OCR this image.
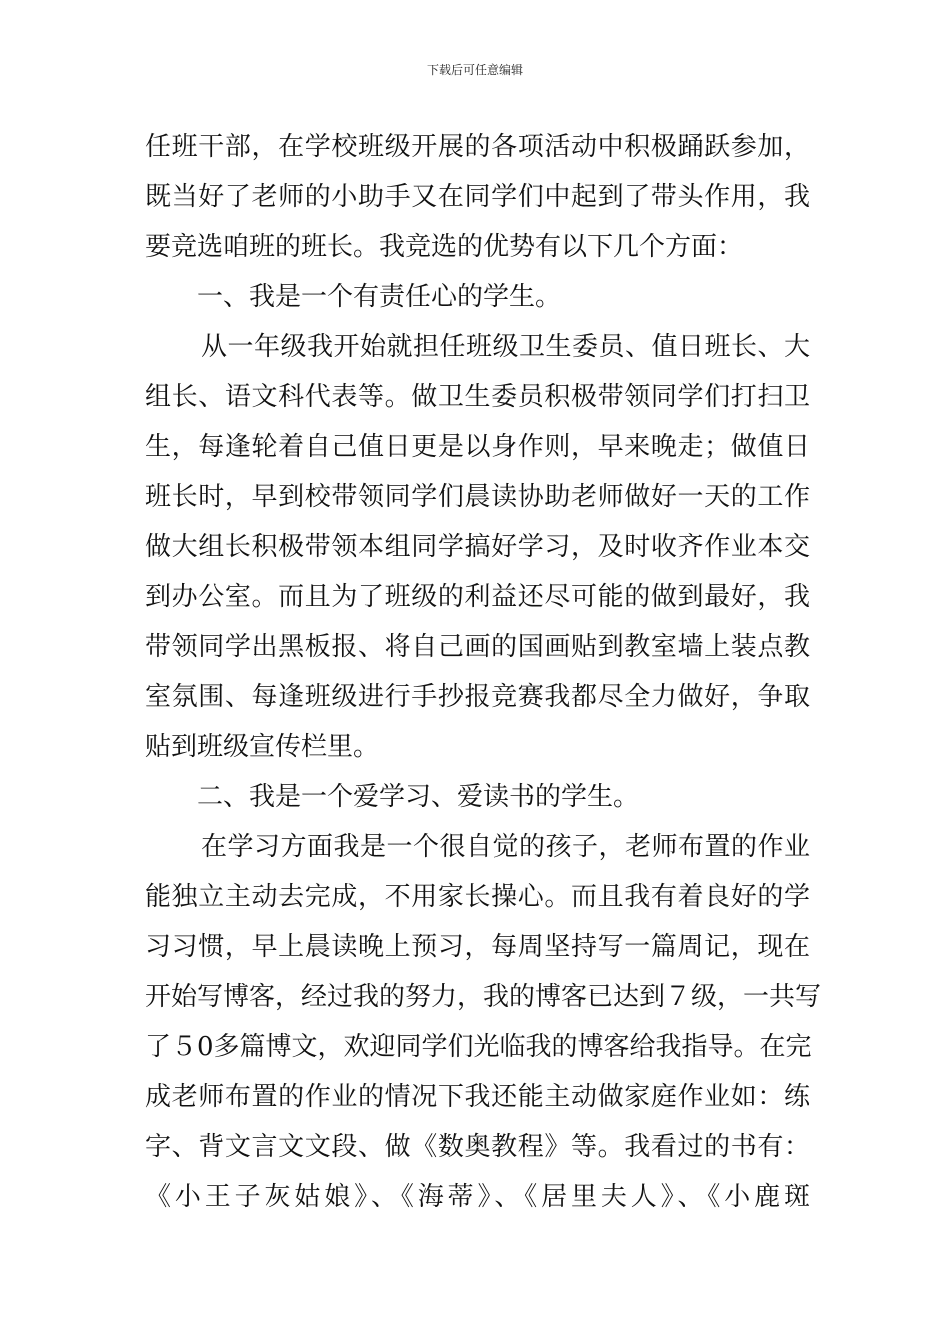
下载后可任意编辑
任班干部，在学校班级开展的各项活动中积极踊跃参加，
既当好了老师的小助手又在同学们中起到了带头作用，我
要竞选咱班的班长。我竞选的优势有以下几个方面：
一、我是一个有责任心的学生。
从一年级我开始就担任班级卫生委员、值日班长、大
组长、语文科代表等。做卫生委员积极带领同学们打扫卫
生，每逢轮着自己值日更是以身作则，早来晚走；做值日
班长时，早到校带领同学们晨读协助老师做好一天的工作
做大组长积极带领本组同学搞好学习，及时收齐作业本交
到办公室。而且为了班级的利益还尽可能的做到最好，我
带领同学出黑板报、将自己画的国画贴到教室墙上装点教
室氛围、每逢班级进行手抄报竞赛我都尽全力做好，争取
贴到班级宣传栏里。
二、我是一个爱学习、爱读书的学生。
在学习方面我是一个很自觉的孩子，老师布置的作业
能独立主动去完成，不用家长操心。而且我有着良好的学
习习惯，早上晨读晚上预习，每周坚持写一篇周记，现在
开始写博客，经过我的努力，我的博客已达到７级，一共写
了５0多篇博文，欢迎同学们光临我的博客给我指导。在完
成老师布置的作业的情况下我还能主动做家庭作业如：练
字、背文言文文段、做《数奥教程》等。我看过的书有：
《小王子灰姑娘》、《海蒂》、《居里夫人》、《小鹿斑
